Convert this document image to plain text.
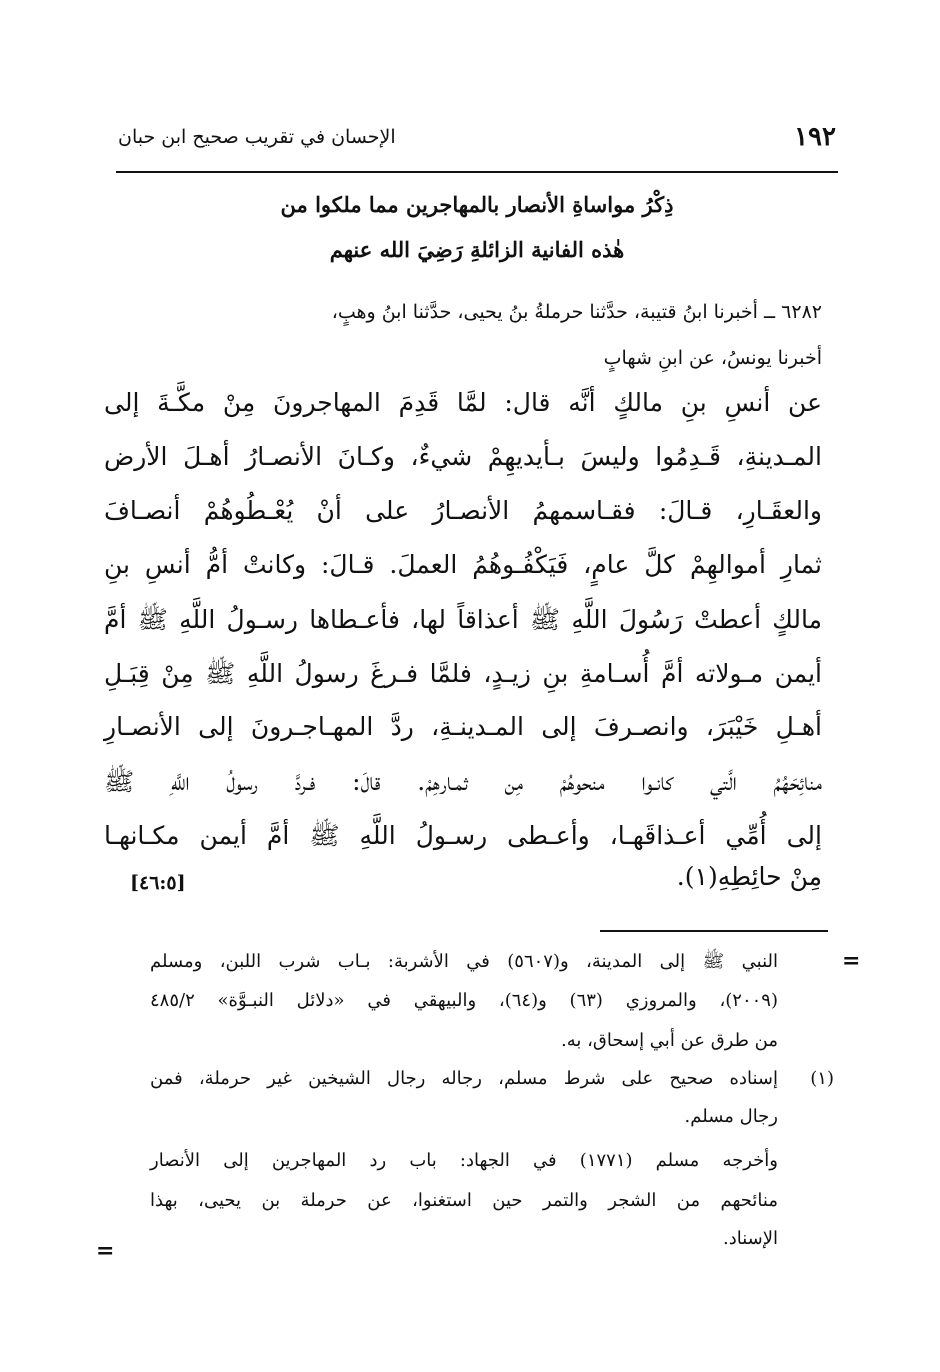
١٩٢
الإحسان في تقريب صحيح ابن حبان
ذِكْرُ مواساةِ الأنصار بالمهاجرين مما ملكوا من
هٰذه الفانية الزائلةِ رَضِيَ الله عنهم
٦٢٨٢ ــ أخبرنا ابنُ قتيبة، حدَّثنا حرملةُ بنُ يحيى، حدَّثنا ابنُ وهبٍ،
أخبرنا يونسُ، عن ابنِ شهابٍ
عن أنسِ بنِ مالكٍ أنَّه قال: لمَّا قَدِمَ المهاجرونَ مِنْ مكَّـةَ إلى
المـدينةِ، قَـدِمُوا وليسَ بـأيديهِمْ شيءٌ، وكـانَ الأنصـارُ أهـلَ الأرض
والعقَـارِ، قـالَ: فقـاسمهمُ الأنصـارُ على أنْ يُعْـطُوهُمْ أنصـافَ
ثمارِ أموالهِمْ كلَّ عامٍ، فَيَكْفُـوهُمُ العملَ. قـالَ: وكانتْ أمُّ أنسِ بنِ
مالكٍ أعطتْ رَسُولَ اللَّهِ ﷺ أعذاقاً لها، فأعـطاها رسـولُ اللَّهِ ﷺ أمَّ
أيمن مـولاته أمَّ أُسـامةِ بنِ زيـدٍ، فلمَّا فـرغَ رسولُ اللَّهِ ﷺ مِنْ قِبَـلِ
أهـلِ خَيْبَرَ، وانصـرفَ إلى المـدينـةِ، ردَّ المهـاجـرونَ إلى الأنصـارِ
منائِحَهُمُ الَّتي كانـوا منحوهُمْ مِن ثمـارهِمْ. قالَ: فـردَّ رسولُ اللَّهِ ﷺ
إلى أُمِّي أعـذاقَهـا، وأعـطى رسـولُ اللَّهِ ﷺ أمَّ أيمن مكـانهـا
مِنْ حائِطِهِ(١).
[٤٦:٥]
=
النبي ﷺ إلى المدينة، و(٥٦٠٧) في الأشربة: بـاب شرب اللبن، ومسلم
(٢٠٠٩)، والمروزي (٦٣) و(٦٤)، والبيهقي في «دلائل النبـوَّة» ٤٨٥/٢
من طرق عن أبي إسحاق، به.
(١)
إسناده صحيح على شرط مسلم، رجاله رجال الشيخين غير حرملة، فمن
رجال مسلم.
وأخرجه مسلم (١٧٧١) في الجهاد: باب رد المهاجرين إلى الأنصار
منائحهم من الشجر والتمر حين استغنوا، عن حرملة بن يحيى، بهذا
الإسناد.
=
